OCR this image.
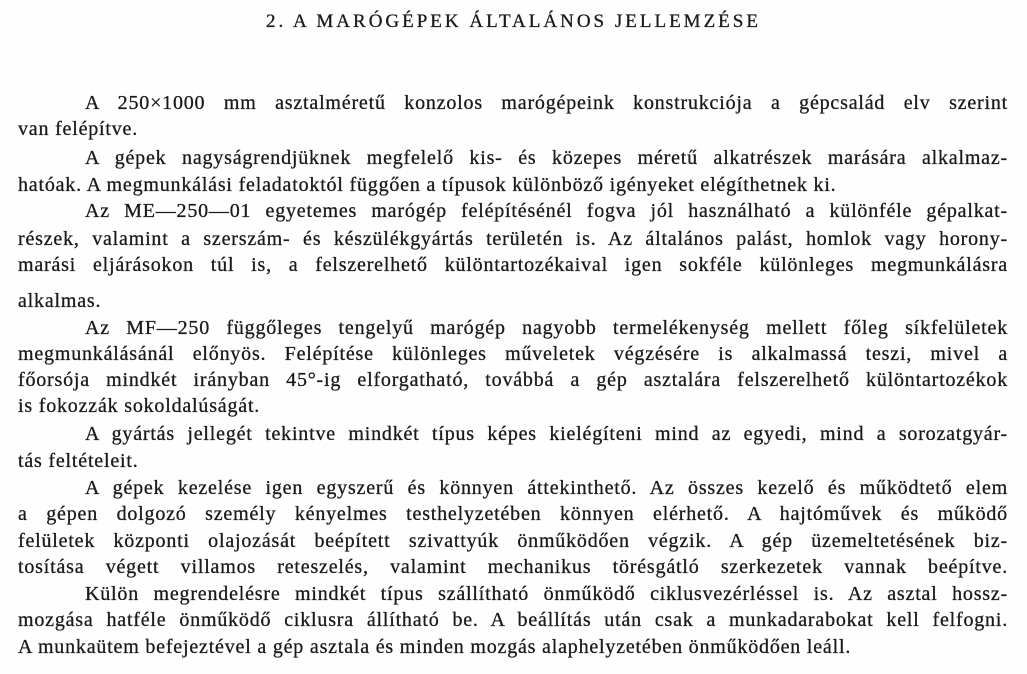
2. A MARÓGÉPEK ÁLTALÁNOS JELLEMZÉSE
A 250×1000 mm asztalméretű konzolos marógépeink konstrukciója a gépcsalád elv szerint
van felépítve.
A gépek nagyságrendjüknek megfelelő kis- és közepes méretű alkatrészek marására alkalmaz-
hatóak. A megmunkálási feladatoktól függően a típusok különböző igényeket elégíthetnek ki.
Az ME—250—01 egyetemes marógép felépítésénél fogva jól használható a különféle gépalkat-
részek, valamint a szerszám- és készülékgyártás területén is. Az általános palást, homlok vagy horony-
marási eljárásokon túl is, a felszerelhető különtartozékaival igen sokféle különleges megmunkálásra
alkalmas.
Az MF—250 függőleges tengelyű marógép nagyobb termelékenység mellett főleg síkfelületek
megmunkálásánál előnyös. Felépítése különleges műveletek végzésére is alkalmassá teszi, mivel a
főorsója mindkét irányban 45°-ig elforgatható, továbbá a gép asztalára felszerelhető különtartozékok
is fokozzák sokoldalúságát.
A gyártás jellegét tekintve mindkét típus képes kielégíteni mind az egyedi, mind a sorozatgyár-
tás feltételeit.
A gépek kezelése igen egyszerű és könnyen áttekinthető. Az összes kezelő és működtető elem
a gépen dolgozó személy kényelmes testhelyzetében könnyen elérhető. A hajtóművek és működő
felületek központi olajozását beépített szivattyúk önműködően végzik. A gép üzemeltetésének biz-
tosítása végett villamos reteszelés, valamint mechanikus törésgátló szerkezetek vannak beépítve.
Külön megrendelésre mindkét típus szállítható önműködő ciklusvezérléssel is. Az asztal hossz-
mozgása hatféle önműködő ciklusra állítható be. A beállítás után csak a munkadarabokat kell felfogni.
A munkaütem befejeztével a gép asztala és minden mozgás alaphelyzetében önműködően leáll.
